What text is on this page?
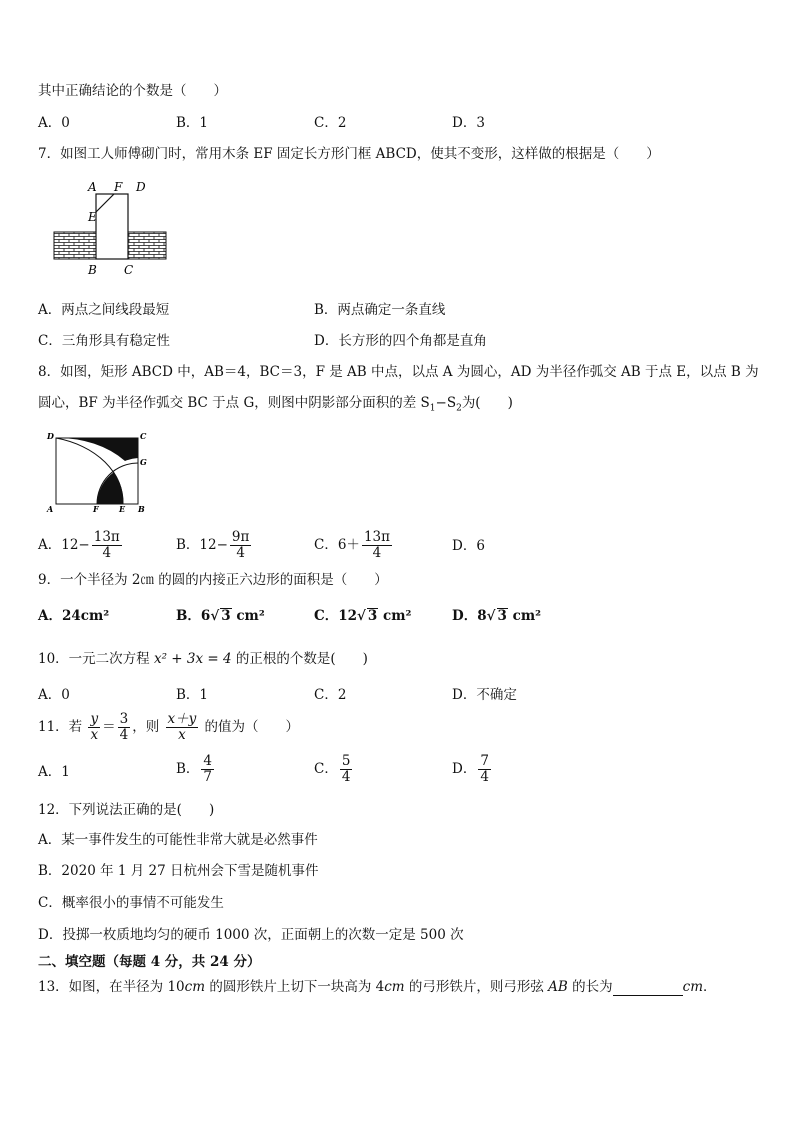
其中正确结论的个数是（　　）
A．0	B．1	C．2	D．3
7．如图工人师傅砌门时，常用木条 EF 固定长方形门框 ABCD，使其不变形，这样做的根据是（　　）
A F D
E
B C
A．两点之间线段最短	B．两点确定一条直线
C．三角形具有稳定性	D．长方形的四个角都是直角
8．如图，矩形 ABCD 中，AB＝4，BC＝3，F 是 AB 中点，以点 A 为圆心，AD 为半径作弧交 AB 于点 E，以点 B 为
圆心，BF 为半径作弧交 BC 于点 G，则图中阴影部分面积的差 $S_1-S_2$为(　　)
D	C
G
A	F	E B
A．$12- \frac{13\pi}{4}$	B．$12- \frac{9\pi}{4}$	C．$6+ \frac{13\pi}{4}$	D．6
9．一个半径为 2㎝ 的圆的内接正六边形的面积是（　　）
A．24cm²	B．6√ 3 cm²	C．12√ 3 cm²	D．8√ 3 cm²
10．一元二次方程 x² + 3x = 4 的正根的个数是(　　)
A．0	B．1	C．2	D．不确定
11．若 $\frac{y}{x} = \frac{3}{4}$ ，则 $\frac{x+y}{x}$ 的值为（　　）
A．1	B． $\frac{4}{7}$	C． $\frac{5}{4}$	D． $\frac{7}{4}$
12．下列说法正确的是(　　)
A．某一事件发生的可能性非常大就是必然事件
B．2020 年 1 月 27 日杭州会下雪是随机事件
C．概率很小的事情不可能发生
D．投掷一枚质地均匀的硬币 1000 次，正面朝上的次数一定是 500 次
二、填空题（每题 4 分，共 24 分）
13．如图，在半径为 10cm 的圆形铁片上切下一块高为 4cm 的弓形铁片，则弓形弦 AB 的长为	cm．
